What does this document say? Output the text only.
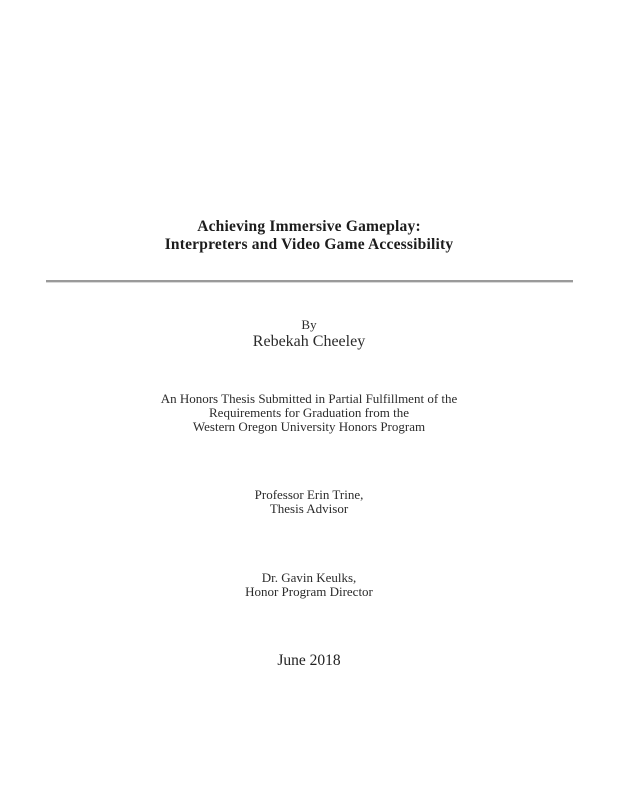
Achieving Immersive Gameplay:
Interpreters and Video Game Accessibility
By
Rebekah Cheeley
An Honors Thesis Submitted in Partial Fulfillment of the
Requirements for Graduation from the
Western Oregon University Honors Program
Professor Erin Trine,
Thesis Advisor
Dr. Gavin Keulks,
Honor Program Director
June 2018
